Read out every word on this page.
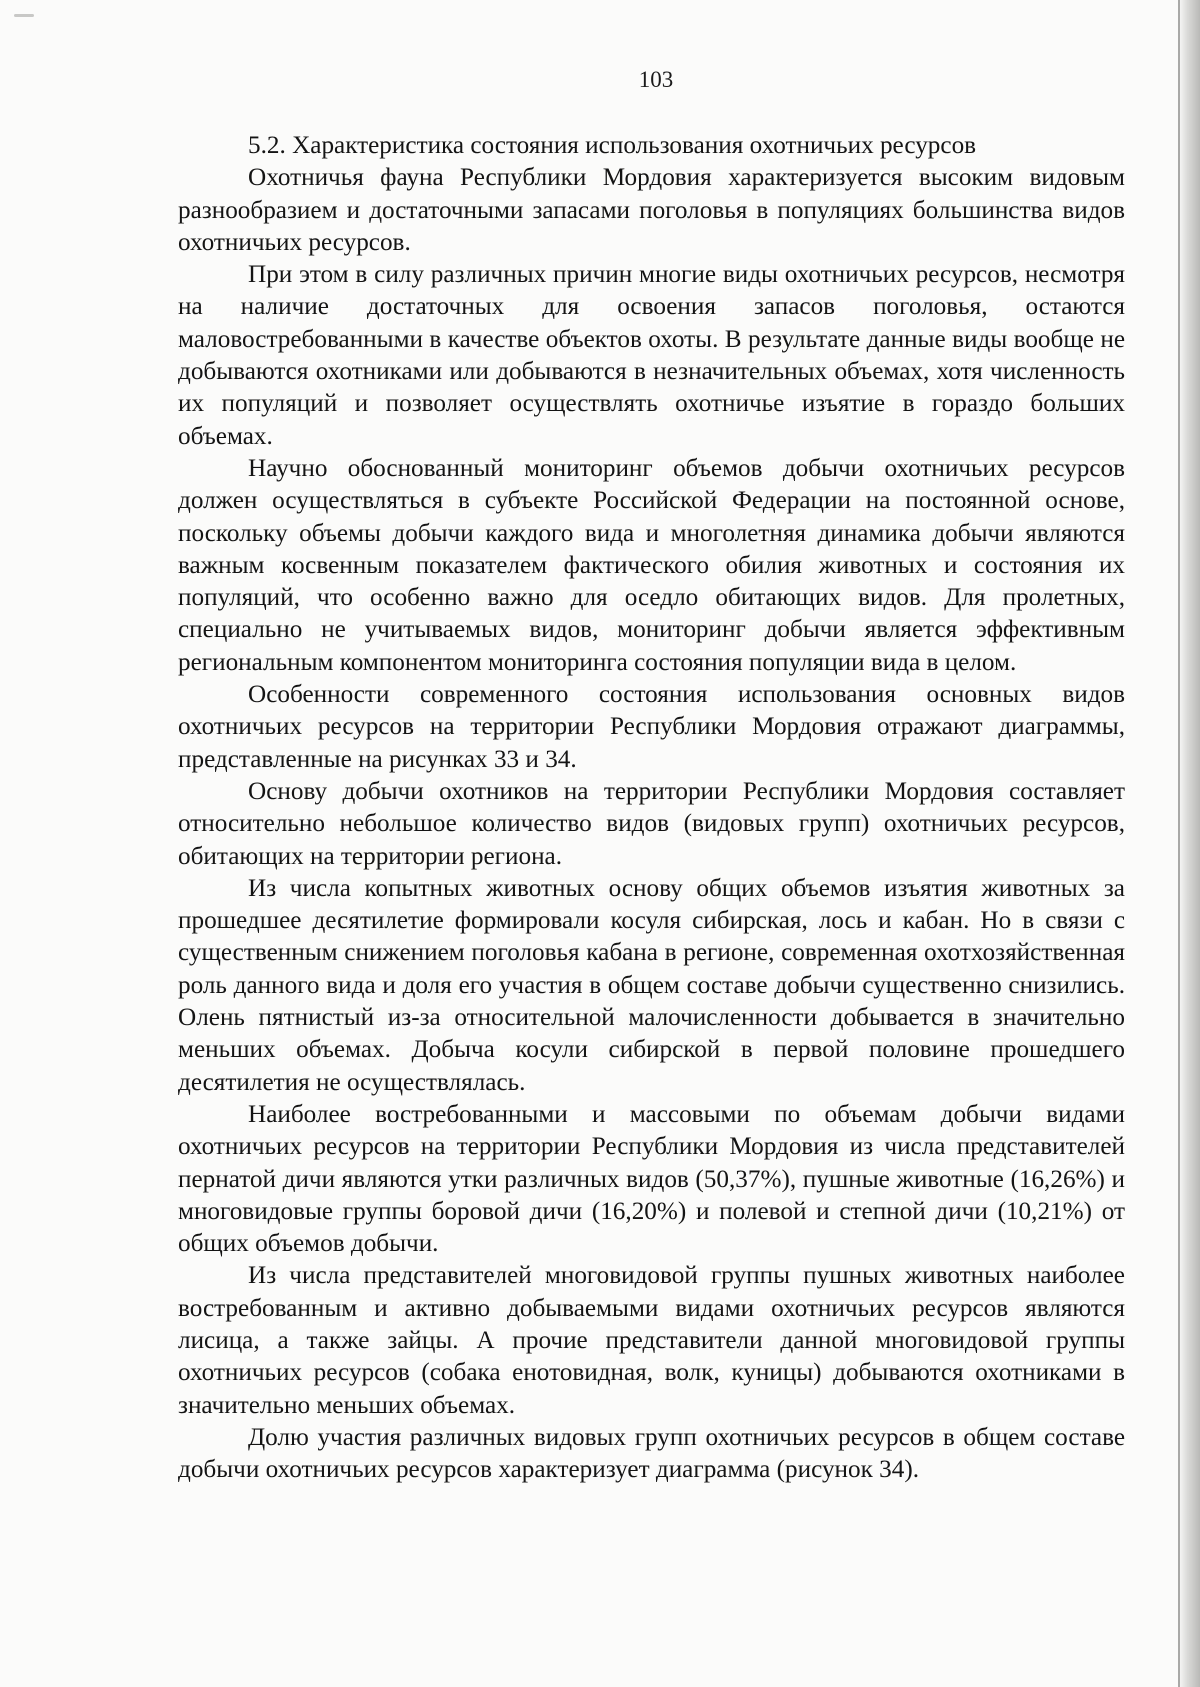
103
5.2. Характеристика состояния использования охотничьих ресурсов

Охотничья фауна Республики Мордовия характеризуется высоким видовым разнообразием и достаточными запасами поголовья в популяциях большинства видов охотничьих ресурсов.

При этом в силу различных причин многие виды охотничьих ресурсов, несмотря на наличие достаточных для освоения запасов поголовья, остаются маловостребованными в качестве объектов охоты. В результате данные виды вообще не добываются охотниками или добываются в незначительных объемах, хотя численность их популяций и позволяет осуществлять охотничье изъятие в гораздо больших объемах.

Научно обоснованный мониторинг объемов добычи охотничьих ресурсов должен осуществляться в субъекте Российской Федерации на постоянной основе, поскольку объемы добычи каждого вида и многолетняя динамика добычи являются важным косвенным показателем фактического обилия животных и состояния их популяций, что особенно важно для оседло обитающих видов. Для пролетных, специально не учитываемых видов, мониторинг добычи является эффективным региональным компонентом мониторинга состояния популяции вида в целом.

Особенности современного состояния использования основных видов охотничьих ресурсов на территории Республики Мордовия отражают диаграммы, представленные на рисунках 33 и 34.

Основу добычи охотников на территории Республики Мордовия составляет относительно небольшое количество видов (видовых групп) охотничьих ресурсов, обитающих на территории региона.

Из числа копытных животных основу общих объемов изъятия животных за прошедшее десятилетие формировали косуля сибирская, лось и кабан. Но в связи с существенным снижением поголовья кабана в регионе, современная охотхозяйственная роль данного вида и доля его участия в общем составе добычи существенно снизились. Олень пятнистый из-за относительной малочисленности добывается в значительно меньших объемах. Добыча косули сибирской в первой половине прошедшего десятилетия не осуществлялась.

Наиболее востребованными и массовыми по объемам добычи видами охотничьих ресурсов на территории Республики Мордовия из числа представителей пернатой дичи являются утки различных видов (50,37%), пушные животные (16,26%) и многовидовые группы боровой дичи (16,20%) и полевой и степной дичи (10,21%) от общих объемов добычи.

Из числа представителей многовидовой группы пушных животных наиболее востребованным и активно добываемыми видами охотничьих ресурсов являются лисица, а также зайцы. А прочие представители данной многовидовой группы охотничьих ресурсов (собака енотовидная, волк, куницы) добываются охотниками в значительно меньших объемах.

Долю участия различных видовых групп охотничьих ресурсов в общем составе добычи охотничьих ресурсов характеризует диаграмма (рисунок 34).
